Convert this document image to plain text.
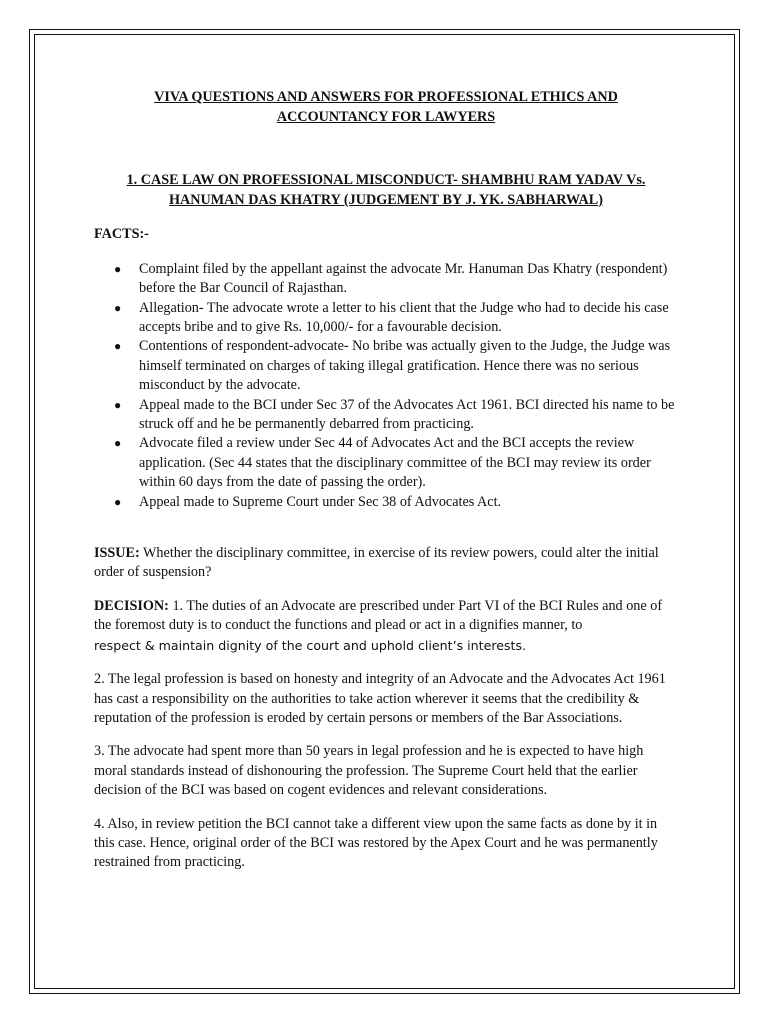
VIVA QUESTIONS AND ANSWERS FOR PROFESSIONAL ETHICS AND
ACCOUNTANCY FOR LAWYERS

1. CASE LAW ON PROFESSIONAL MISCONDUCT- SHAMBHU RAM YADAV Vs.
HANUMAN DAS KHATRY (JUDGEMENT BY J. YK. SABHARWAL)

FACTS:-

● Complaint filed by the appellant against the advocate Mr. Hanuman Das Khatry (respondent) before the Bar Council of Rajasthan.
● Allegation- The advocate wrote a letter to his client that the Judge who had to decide his case accepts bribe and to give Rs. 10,000/- for a favourable decision.
● Contentions of respondent-advocate- No bribe was actually given to the Judge, the Judge was himself terminated on charges of taking illegal gratification. Hence there was no serious misconduct by the advocate.
● Appeal made to the BCI under Sec 37 of the Advocates Act 1961. BCI directed his name to be struck off and he be permanently debarred from practicing.
● Advocate filed a review under Sec 44 of Advocates Act and the BCI accepts the review application. (Sec 44 states that the disciplinary committee of the BCI may review its order within 60 days from the date of passing the order).
● Appeal made to Supreme Court under Sec 38 of Advocates Act.

ISSUE: Whether the disciplinary committee, in exercise of its review powers, could alter the initial order of suspension?

DECISION: 1. The duties of an Advocate are prescribed under Part VI of the BCI Rules and one of the foremost duty is to conduct the functions and plead or act in a dignifies manner, to
respect & maintain dignity of the court and uphold client’s interests.

2. The legal profession is based on honesty and integrity of an Advocate and the Advocates Act 1961 has cast a responsibility on the authorities to take action wherever it seems that the credibility & reputation of the profession is eroded by certain persons or members of the Bar Associations.

3. The advocate had spent more than 50 years in legal profession and he is expected to have high moral standards instead of dishonouring the profession. The Supreme Court held that the earlier decision of the BCI was based on cogent evidences and relevant considerations.

4. Also, in review petition the BCI cannot take a different view upon the same facts as done by it in this case. Hence, original order of the BCI was restored by the Apex Court and he was permanently restrained from practicing.
